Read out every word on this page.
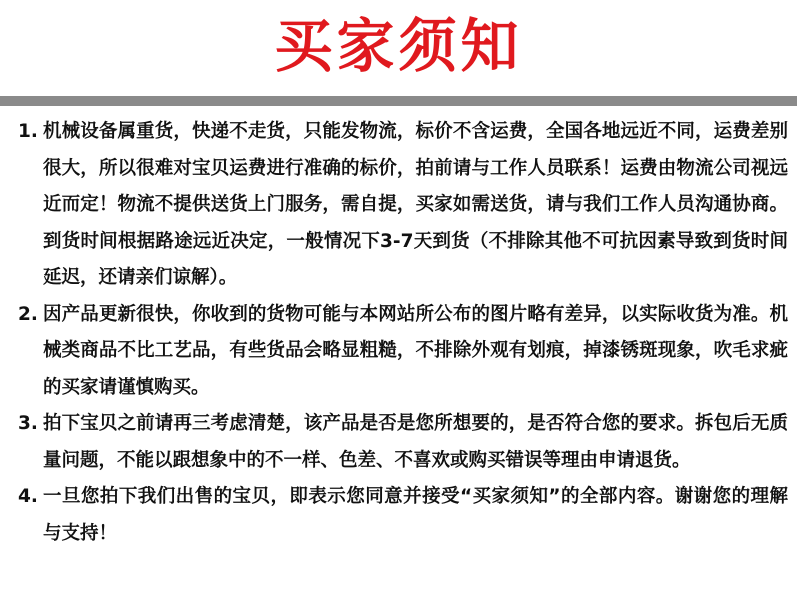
买家须知
1. 机械设备属重货，快递不走货，只能发物流，标价不含运费，全国各地远近不同，运费差别很大，所以很难对宝贝运费进行准确的标价，拍前请与工作人员联系！运费由物流公司视远近而定！物流不提供送货上门服务，需自提，买家如需送货，请与我们工作人员沟通协商。到货时间根据路途远近决定，一般情况下3-7天到货（不排除其他不可抗因素导致到货时间延迟，还请亲们谅解）。
2. 因产品更新很快，你收到的货物可能与本网站所公布的图片略有差异，以实际收货为准。机械类商品不比工艺品，有些货品会略显粗糙，不排除外观有划痕，掉漆锈斑现象，吹毛求疵的买家请谨慎购买。
3. 拍下宝贝之前请再三考虑清楚，该产品是否是您所想要的，是否符合您的要求。拆包后无质量问题，不能以跟想象中的不一样、色差、不喜欢或购买错误等理由申请退货。
4. 一旦您拍下我们出售的宝贝，即表示您同意并接受“买家须知”的全部内容。谢谢您的理解与支持！
